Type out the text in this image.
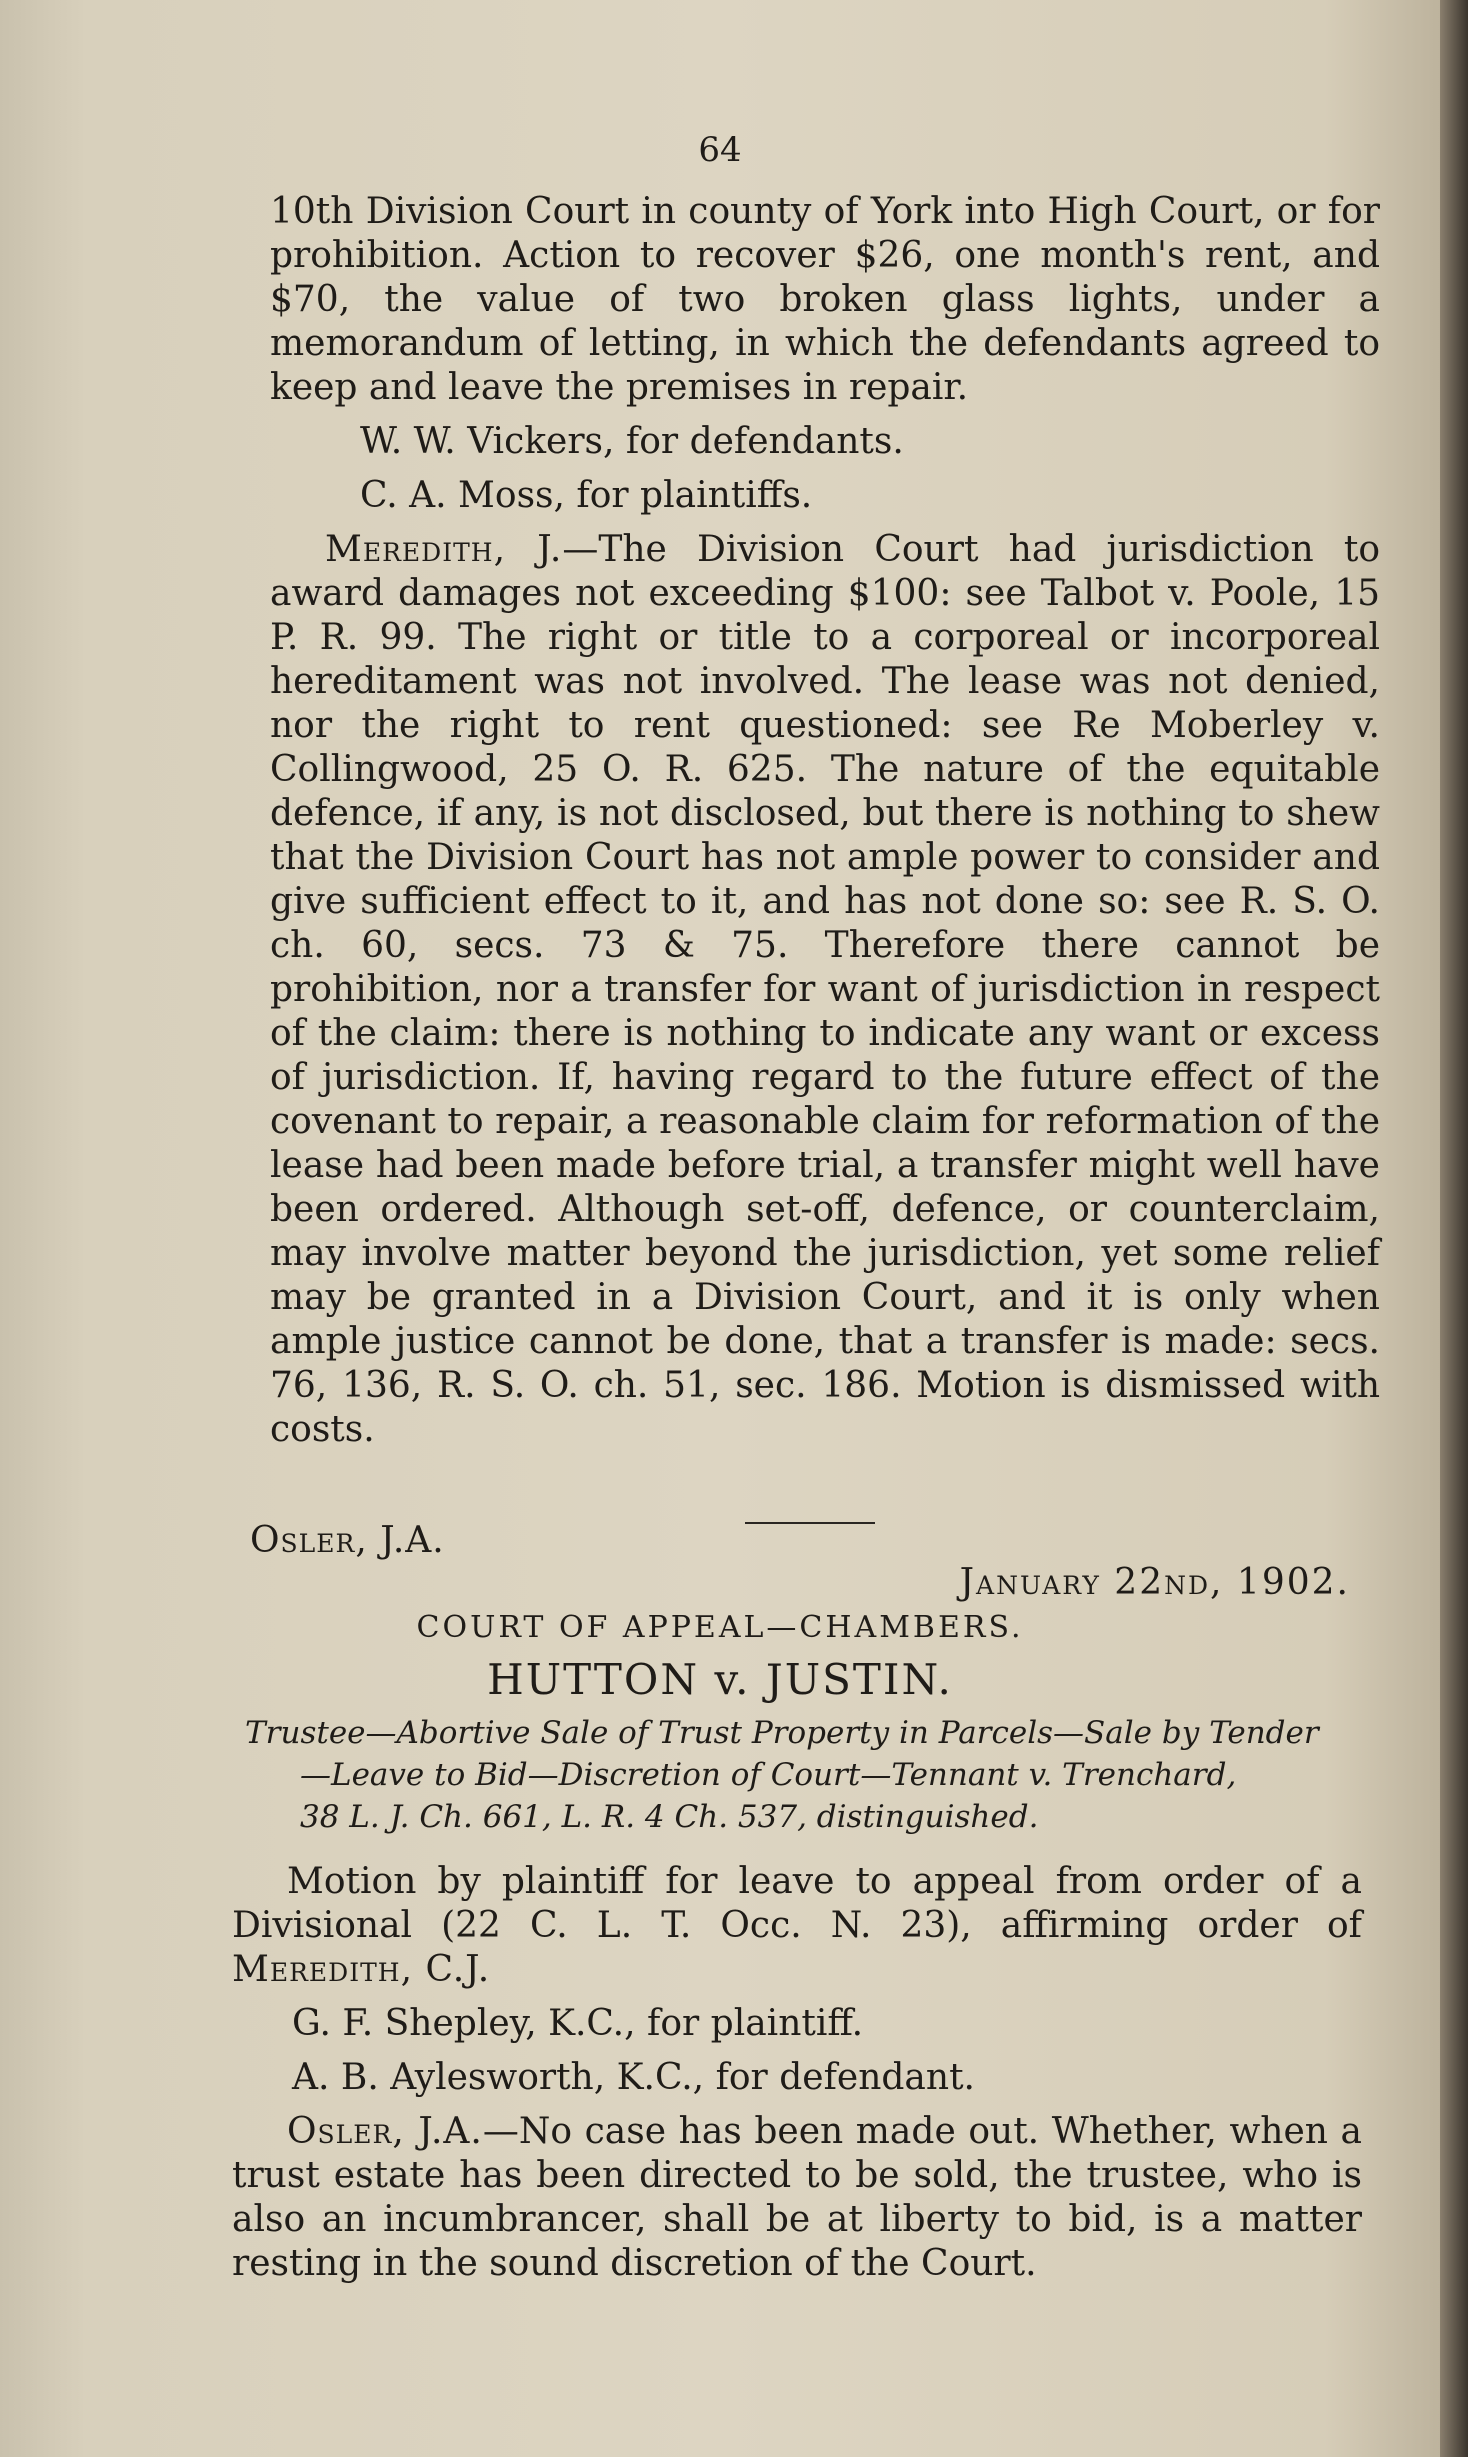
64

10th Division Court in county of York into High Court, or for prohibition. Action to recover $26, one month's rent, and $70, the value of two broken glass lights, under a memorandum of letting, in which the defendants agreed to keep and leave the premises in repair.

W. W. Vickers, for defendants.

C. A. Moss, for plaintiffs.

Meredith, J.—The Division Court had jurisdiction to award damages not exceeding $100: see Talbot v. Poole, 15 P. R. 99. The right or title to a corporeal or incorporeal hereditament was not involved. The lease was not denied, nor the right to rent questioned: see Re Moberley v. Collingwood, 25 O. R. 625. The nature of the equitable defence, if any, is not disclosed, but there is nothing to shew that the Division Court has not ample power to consider and give sufficient effect to it, and has not done so: see R. S. O. ch. 60, secs. 73 & 75. Therefore there cannot be prohibition, nor a transfer for want of jurisdiction in respect of the claim: there is nothing to indicate any want or excess of jurisdiction. If, having regard to the future effect of the covenant to repair, a reasonable claim for reformation of the lease had been made before trial, a transfer might well have been ordered. Although set-off, defence, or counterclaim, may involve matter beyond the jurisdiction, yet some relief may be granted in a Division Court, and it is only when ample justice cannot be done, that a transfer is made: secs. 76, 136, R. S. O. ch. 51, sec. 186. Motion is dismissed with costs.

Osler, J.A.
January 22nd, 1902.
COURT OF APPEAL—CHAMBERS.
HUTTON v. JUSTIN.
Trustee—Abortive Sale of Trust Property in Parcels—Sale by Tender
—Leave to Bid—Discretion of Court—Tennant v. Trenchard,
38 L. J. Ch. 661, L. R. 4 Ch. 537, distinguished.

Motion by plaintiff for leave to appeal from order of a Divisional (22 C. L. T. Occ. N. 23), affirming order of Meredith, C.J.

G. F. Shepley, K.C., for plaintiff.

A. B. Aylesworth, K.C., for defendant.

Osler, J.A.—No case has been made out. Whether, when a trust estate has been directed to be sold, the trustee, who is also an incumbrancer, shall be at liberty to bid, is a matter resting in the sound discretion of the Court.
